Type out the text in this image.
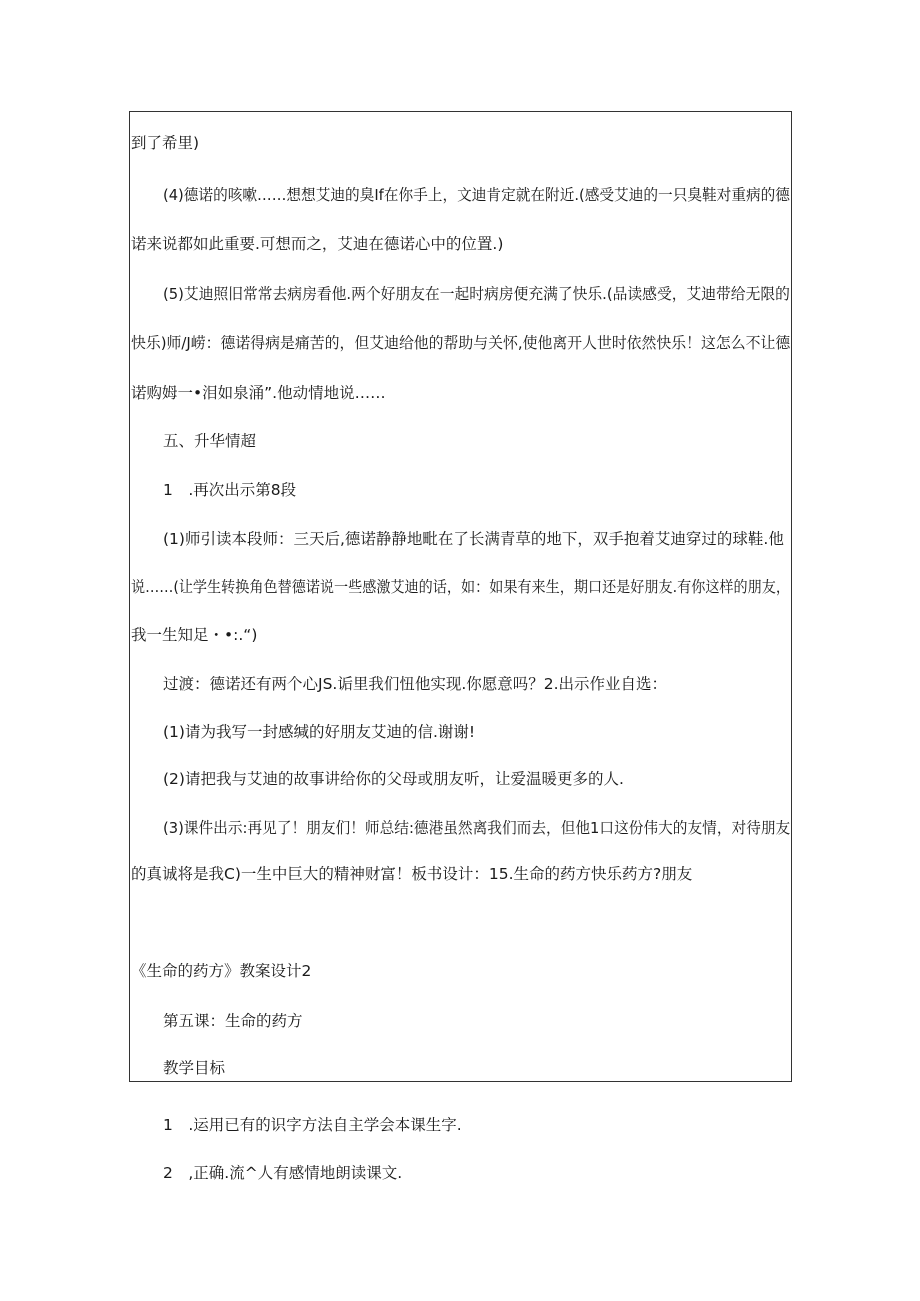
到了希里)

(4)德诺的咳嗽……想想艾迪的臭If在你手上，文迪肯定就在附近.(感受艾迪的一只臭鞋对重病的德

诺来说都如此重要.可想而之，艾迪在德诺心中的位置.)

(5)艾迪照旧常常去病房看他.两个好朋友在一起时病房便充满了快乐.(品读感受，艾迪带给无限的

快乐)师/J崂：德诺得病是痛苦的，但艾迪给他的帮助与关怀,使他离开人世时依然快乐！这怎么不让德

诺购姆一•泪如泉涌”.他动情地说……

五、升华情超

1　.再次出示第8段

(1)师引读本段师：三天后,德诺静静地毗在了长满青草的地下，双手抱着艾迪穿过的球鞋.他

说……(让学生转换角色替德诺说一些感激艾迪的话，如：如果有来生，期口还是好朋友.有你这样的朋友，

我一生知足・•:.“)

过渡：德诺还有两个心JS.诟里我们忸他实现.你愿意吗？2.出示作业自选：

(1)请为我写一封感缄的好朋友艾迪的信.谢谢!

(2)请把我与艾迪的故事讲给你的父母或朋友听，让爱温暖更多的人.

(3)课件出示:再见了！朋友们！师总结:德港虽然离我们而去，但他1口这份伟大的友情，对待朋友

的真诚将是我C)一生中巨大的精神财富！板书设计：15.生命的药方快乐药方?朋友

《生命的药方》教案设计2

第五课：生命的药方

教学目标

1　.运用已有的识字方法自主学会本课生字.

2　,正确.流^人有感情地朗读课文.
